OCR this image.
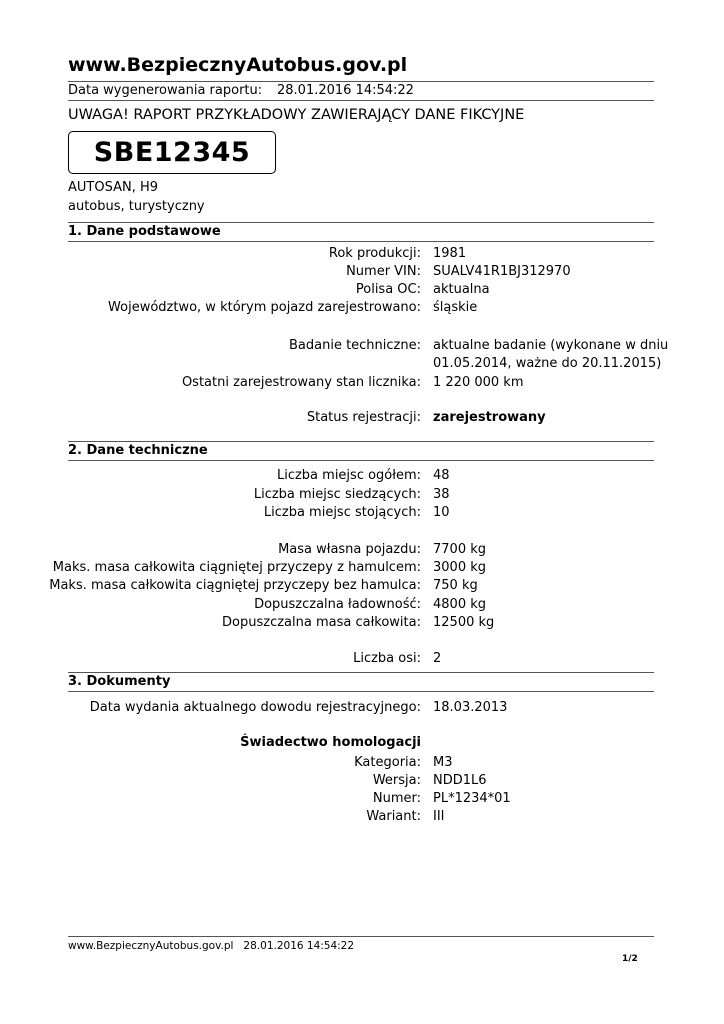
www.BezpiecznyAutobus.gov.pl
Data wygenerowania raportu: 28.01.2016 14:54:22
UWAGA! RAPORT PRZYKŁADOWY ZAWIERAJĄCY DANE FIKCYJNE
SBE12345
AUTOSAN, H9
autobus, turystyczny
1. Dane podstawowe
Rok produkcji: 1981
Numer VIN: SUALV41R1BJ312970
Polisa OC: aktualna
Województwo, w którym pojazd zarejestrowano: śląskie
Badanie techniczne: aktualne badanie (wykonane w dniu
01.05.2014, ważne do 20.11.2015)
Ostatni zarejestrowany stan licznika: 1 220 000 km
Status rejestracji: zarejestrowany
2. Dane techniczne
Liczba miejsc ogółem: 48
Liczba miejsc siedzących: 38
Liczba miejsc stojących: 10
Masa własna pojazdu: 7700 kg
Maks. masa całkowita ciągniętej przyczepy z hamulcem: 3000 kg
Maks. masa całkowita ciągniętej przyczepy bez hamulca: 750 kg
Dopuszczalna ładowność: 4800 kg
Dopuszczalna masa całkowita: 12500 kg
Liczba osi: 2
3. Dokumenty
Data wydania aktualnego dowodu rejestracyjnego: 18.03.2013
Świadectwo homologacji
Kategoria: M3
Wersja: NDD1L6
Numer: PL*1234*01
Wariant: III
www.BezpiecznyAutobus.gov.pl   28.01.2016 14:54:22
1/2
